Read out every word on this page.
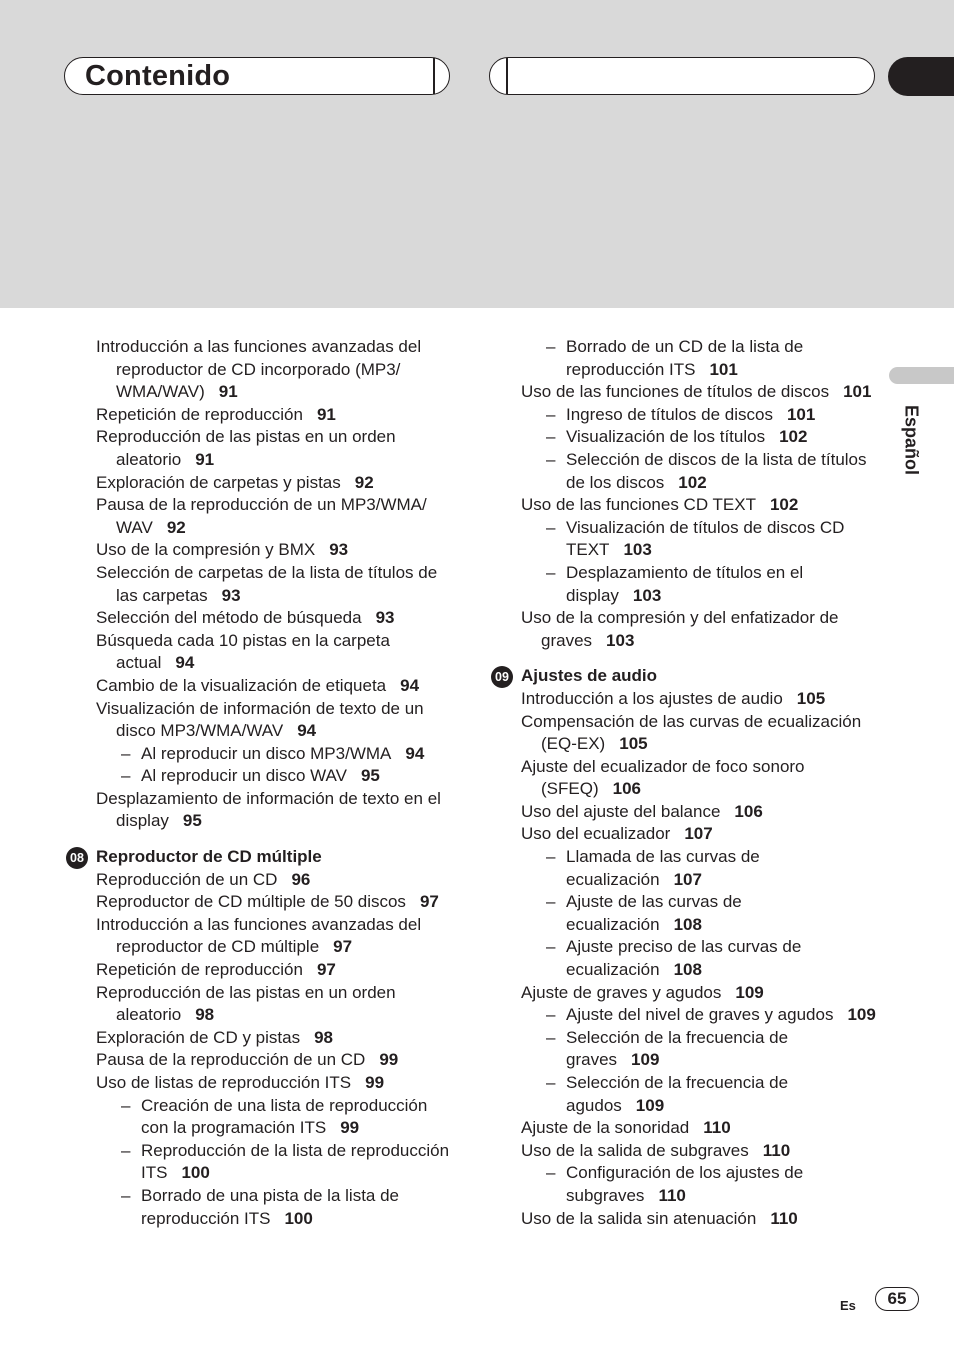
Contenido
Español

Introducción a las funciones avanzadas del reproductor de CD incorporado (MP3/ WMA/WAV) 91

Repetición de reproducción 91

Reproducción de las pistas en un orden aleatorio 91

Exploración de carpetas y pistas 92

Pausa de la reproducción de un MP3/WMA/ WAV 92

Uso de la compresión y BMX 93

Selección de carpetas de la lista de títulos de las carpetas 93

Selección del método de búsqueda 93

Búsqueda cada 10 pistas en la carpeta actual 94

Cambio de la visualización de etiqueta 94

Visualización de información de texto de un disco MP3/WMA/WAV 94

– Al reproducir un disco MP3/WMA 94

– Al reproducir un disco WAV 95

Desplazamiento de información de texto en el display 95

08 Reproductor de CD múltiple

Reproducción de un CD 96

Reproductor de CD múltiple de 50 discos 97

Introducción a las funciones avanzadas del reproductor de CD múltiple 97

Repetición de reproducción 97

Reproducción de las pistas en un orden aleatorio 98

Exploración de CD y pistas 98

Pausa de la reproducción de un CD 99

Uso de listas de reproducción ITS 99

– Creación de una lista de reproducción con la programación ITS 99

– Reproducción de la lista de reproducción ITS 100

– Borrado de una pista de la lista de reproducción ITS 100

– Borrado de un CD de la lista de reproducción ITS 101

Uso de las funciones de títulos de discos 101

– Ingreso de títulos de discos 101

– Visualización de los títulos 102

– Selección de discos de la lista de títulos de los discos 102

Uso de las funciones CD TEXT 102

– Visualización de títulos de discos CD TEXT 103

– Desplazamiento de títulos en el display 103

Uso de la compresión y del enfatizador de graves 103

09 Ajustes de audio

Introducción a los ajustes de audio 105

Compensación de las curvas de ecualización (EQ-EX) 105

Ajuste del ecualizador de foco sonoro (SFEQ) 106

Uso del ajuste del balance 106

Uso del ecualizador 107

– Llamada de las curvas de ecualización 107

– Ajuste de las curvas de ecualización 108

– Ajuste preciso de las curvas de ecualización 108

Ajuste de graves y agudos 109

– Ajuste del nivel de graves y agudos 109

– Selección de la frecuencia de graves 109

– Selección de la frecuencia de agudos 109

Ajuste de la sonoridad 110

Uso de la salida de subgraves 110

– Configuración de los ajustes de subgraves 110

Uso de la salida sin atenuación 110

Es	65
